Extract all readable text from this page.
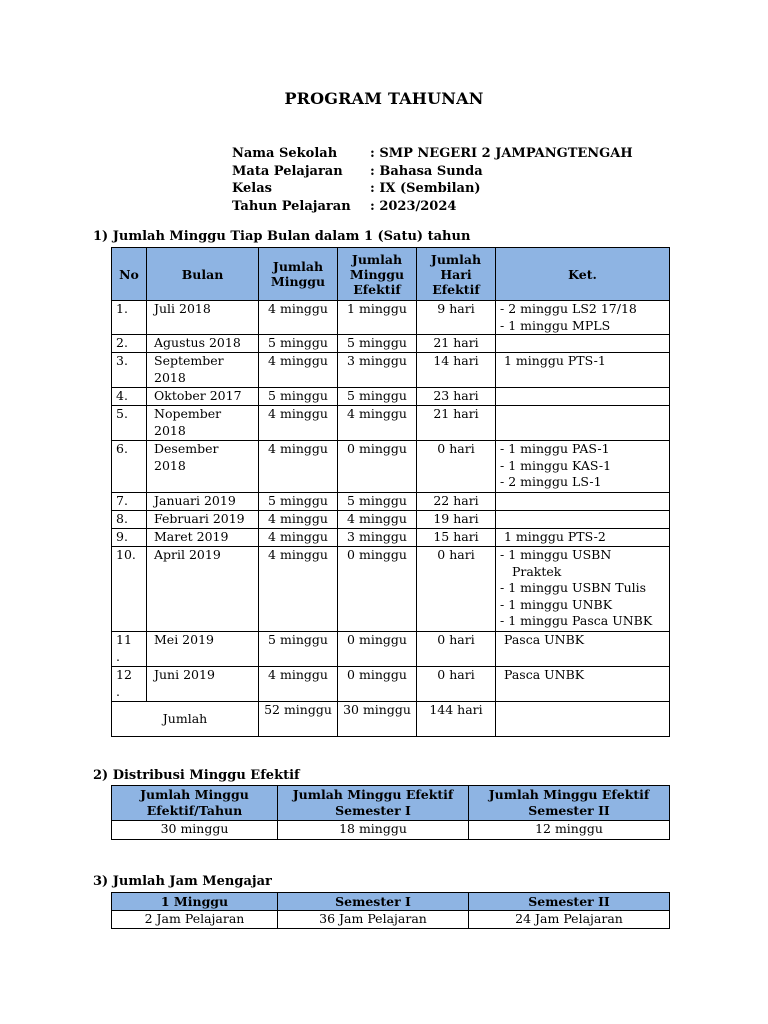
PROGRAM TAHUNAN
Nama Sekolah	: SMP NEGERI 2 JAMPANGTENGAH
Mata Pelajaran : Bahasa Sunda
Kelas	: IX (Sembilan)
Tahun Pelajaran : 2023/2024
1) Jumlah Minggu Tiap Bulan dalam 1 (Satu) tahun
No	Bulan	Jumlah Minggu	Jumlah Minggu Efektif	Jumlah Hari Efektif	Ket.
1.	Juli 2018	4 minggu	1 minggu	9 hari	- 2 minggu LS2 17/18
- 1 minggu MPLS

2.	Agustus 2018	5 minggu	5 minggu	21 hari	
3.	September 2018	4 minggu	3 minggu	14 hari	1 minggu PTS-1

4.	Oktober 2017	5 minggu	5 minggu	23 hari	
5.	Nopember 2018	4 minggu	4 minggu	21 hari	
6.	Desember 2018	4 minggu	0 minggu	0 hari	- 1 minggu PAS-1
- 1 minggu KAS-1
- 2 minggu LS-1

7.	Januari 2019	5 minggu	5 minggu	22 hari	
8.	Februari 2019	4 minggu	4 minggu	19 hari	
9.	Maret 2019	4 minggu	3 minggu	15 hari	1 minggu PTS-2

10.	April 2019	4 minggu	0 minggu	0 hari	- 1 minggu USBN
Praktek
- 1 minggu USBN Tulis
- 1 minggu UNBK
- 1 minggu Pasca UNBK

11
.	Mei 2019	5 minggu	0 minggu	0 hari	Pasca UNBK

12
.	Juni 2019	4 minggu	0 minggu	0 hari	Pasca UNBK

Jumlah		52 minggu	30 minggu	144 hari	
2) Distribusi Minggu Efektif
Jumlah Minggu Efektif/Tahun	Jumlah Minggu Efektif Semester I	Jumlah Minggu Efektif Semester II
30 minggu	18 minggu	12 minggu
3) Jumlah Jam Mengajar
1 Minggu	Semester I	Semester II
2 Jam Pelajaran	36 Jam Pelajaran	24 Jam Pelajaran
